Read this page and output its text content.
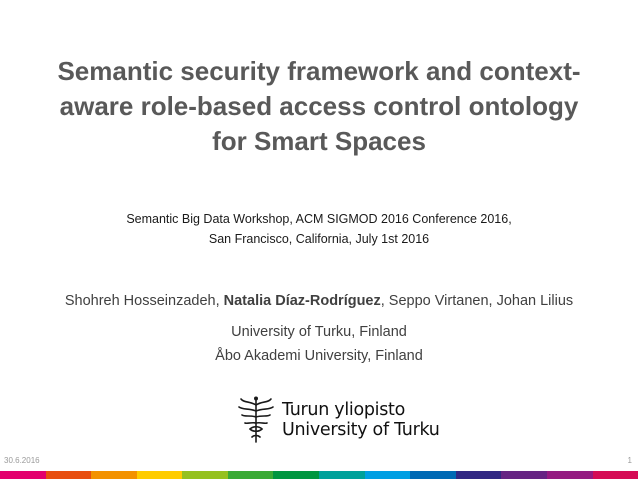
Semantic security framework and context-
aware role-based access control ontology
for Smart Spaces
Semantic Big Data Workshop, ACM SIGMOD 2016 Conference 2016,
San Francisco, California, July 1st 2016
Shohreh Hosseinzadeh, Natalia Díaz-Rodríguez, Seppo Virtanen, Johan Lilius
University of Turku, Finland
Åbo Akademi University, Finland
Turun yliopisto
University of Turku
30.6.2016	1
